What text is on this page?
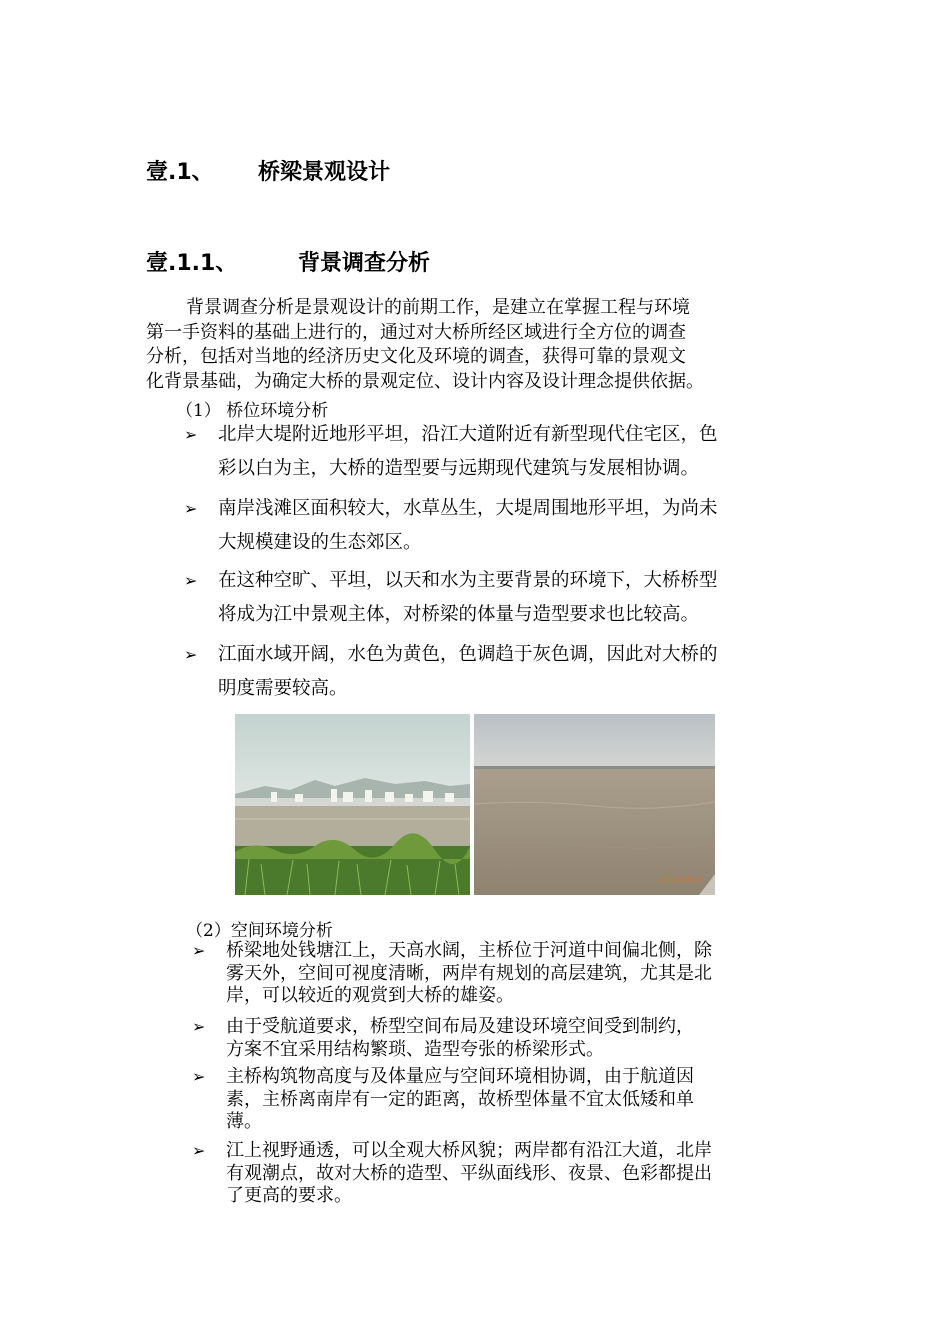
壹.1、 桥梁景观设计
壹.1.1、	背景调查分析
背景调查分析是景观设计的前期工作，是建立在掌握工程与环境
第一手资料的基础上进行的，通过对大桥所经区域进行全方位的调查
分析，包括对当地的经济历史文化及环境的调查，获得可靠的景观文
化背景基础，为确定大桥的景观定位、设计内容及设计理念提供依据。
（1） 桥位环境分析
➢ 北岸大堤附近地形平坦，沿江大道附近有新型现代住宅区，色
彩以白为主，大桥的造型要与远期现代建筑与发展相协调。
➢ 南岸浅滩区面积较大，水草丛生，大堤周围地形平坦，为尚未
大规模建设的生态郊区。
➢ 在这种空旷、平坦，以天和水为主要背景的环境下，大桥桥型
将成为江中景观主体，对桥梁的体量与造型要求也比较高。
➢ 江面水域开阔，水色为黄色，色调趋于灰色调，因此对大桥的
明度需要较高。
2002/10/17
（2）空间环境分析
➢ 桥梁地处钱塘江上，天高水阔，主桥位于河道中间偏北侧，除
雾天外，空间可视度清晰，两岸有规划的高层建筑，尤其是北
岸，可以较近的观赏到大桥的雄姿。
➢ 由于受航道要求，桥型空间布局及建设环境空间受到制约，
方案不宜采用结构繁琐、造型夸张的桥梁形式。
➢ 主桥构筑物高度与及体量应与空间环境相协调，由于航道因
素，主桥离南岸有一定的距离，故桥型体量不宜太低矮和单
薄。
➢ 江上视野通透，可以全观大桥风貌；两岸都有沿江大道，北岸
有观潮点，故对大桥的造型、平纵面线形、夜景、色彩都提出
了更高的要求。
